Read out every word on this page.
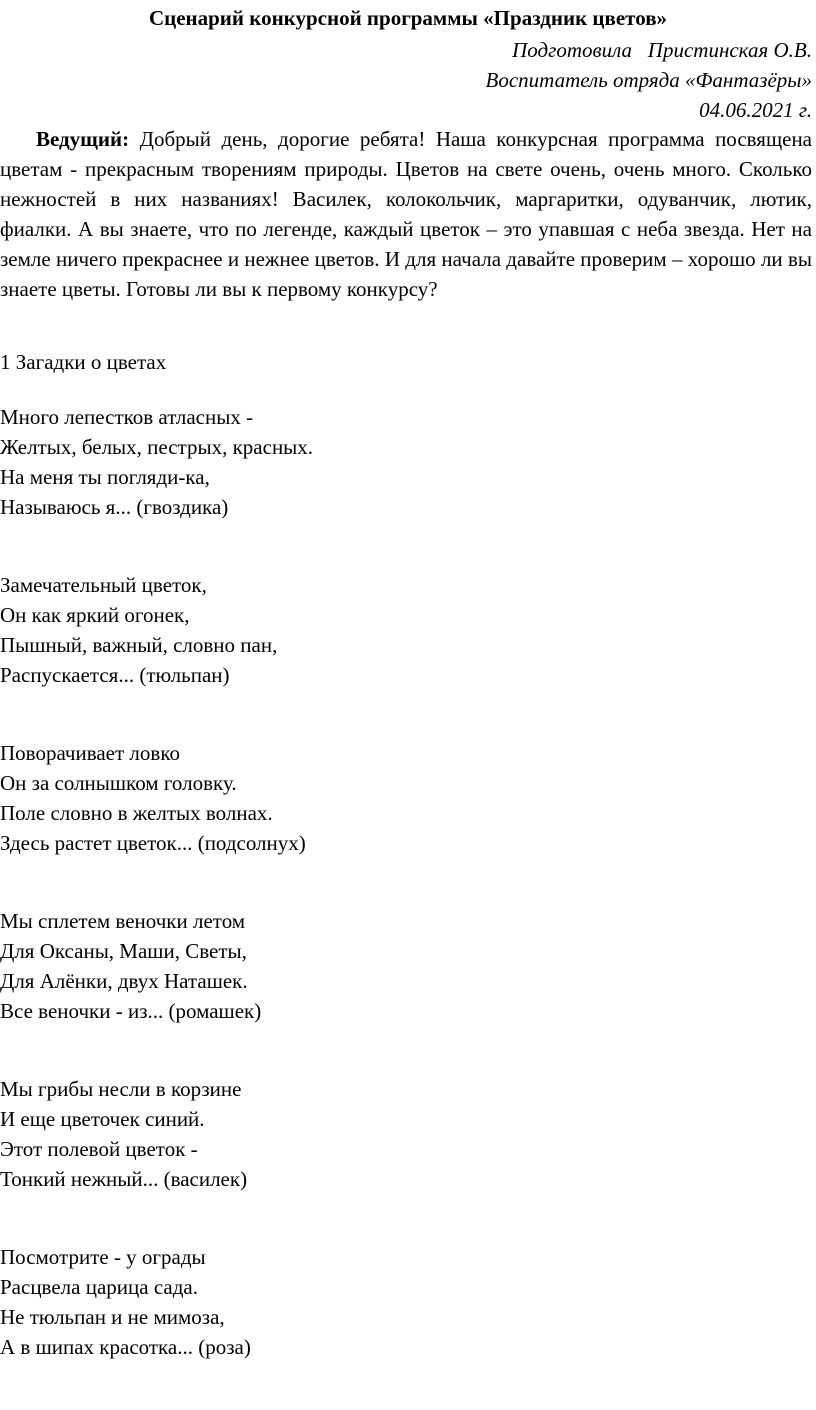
Сценарий конкурсной программы «Праздник цветов»
Подготовила   Пристинская О.В.
Воспитатель отряда «Фантазёры»
04.06.2021 г.

Ведущий: Добрый день, дорогие ребята! Наша конкурсная программа посвящена цветам - прекрасным творениям природы. Цветов на свете очень, очень много. Сколько нежностей в них названиях! Василек, колокольчик, маргаритки, одуванчик, лютик, фиалки. А вы знаете, что по легенде, каждый цветок – это упавшая с неба звезда. Нет на земле ничего прекраснее и нежнее цветов. И для начала давайте проверим – хорошо ли вы знаете цветы. Готовы ли вы к первому конкурсу?

1 Загадки о цветах

Много лепестков атласных -
Желтых, белых, пестрых, красных.
На меня ты погляди-ка,
Называюсь я... (гвоздика)
Замечательный цветок,
Он как яркий огонек,
Пышный, важный, словно пан,
Распускается... (тюльпан)
Поворачивает ловко
Он за солнышком головку.
Поле словно в желтых волнах.
Здесь растет цветок... (подсолнух)
Мы сплетем веночки летом
Для Оксаны, Маши, Светы,
Для Алёнки, двух Наташек.
Все веночки - из... (ромашек)
Мы грибы несли в корзине
И еще цветочек синий.
Этот полевой цветок -
Тонкий нежный... (василек)
Посмотрите - у ограды
Расцвела царица сада.
Не тюльпан и не мимоза,
А в шипах красотка... (роза)
